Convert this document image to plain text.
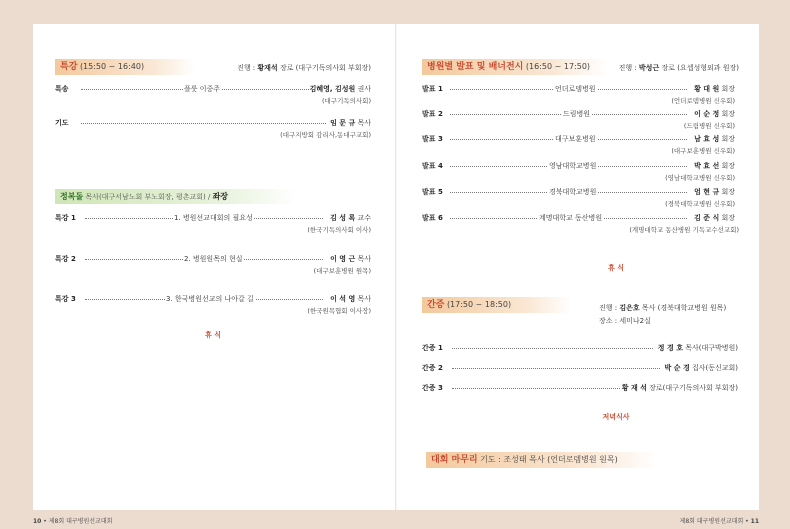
특강 (15:50 ~ 16:40)	진행 : 황재석 장로 (대구기독의사회 부회장)
특송	플룻 이중주	김혜영, 김성원 권사
(대구기독의사회)
기도	임 문 규 목사
(대구지방회 감리사,동대구교회)
정복돌 목사(대구서남노회 부노회장, 평촌교회) / 좌장
특강 1	1. 병원선교대회의 필요성	김 성 록 교수
(한국기독의사회 이사)
특강 2	2. 병원원목의 현실	이 영 근 목사
(대구보훈병원 원목)
특강 3	3. 한국병원선교의 나아갈 길	이 석 영 목사
(한국원목협회 이사장)
휴 식
병원별 발표 및 배너전시 (16:50 ~ 17:50)	진행 : 박성근 장로 (요셉성형외과 원장)
발표 1	언더로뎀병원	황 대 원 회장
(언더로뎀병원 신우회)
발표 2	드림병원	이 순 정 회장
(드림병원 신우회)
발표 3	대구보훈병원	남 효 성 회장
(대구보훈병원 신우회)
발표 4	영남대학교병원	박 효 선 회장
(영남대학교병원 신우회)
발표 5	경북대학교병원	엄 현 규 회장
(경북대학교병원 신우회)
발표 6	계명대학교 동산병원	김 준 식 회장
(계명대학교 동산병원 기독교수선교회)
휴 식
간증 (17:50 ~ 18:50)	진행 : 김은호 목사 (경북대학교병원 원목)
장소 : 세미나2실
간증 1	정 경 호 목사(대구박병원)
간증 2	박 순 경 집사(동신교회)
간증 3	황 재 석 장로(대구기독의사회 부회장)
저녁식사
대회 마무리 기도 : 조성태 목사 (언더로뎀병원 원목)
10 • 제8회 대구병원선교대회	제8회 대구병원선교대회 • 11
